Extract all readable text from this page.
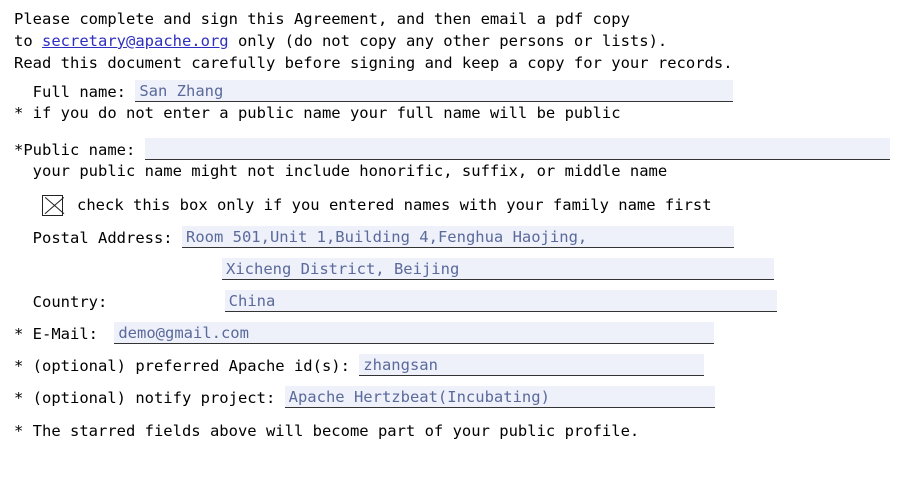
Please complete and sign this Agreement, and then email a pdf copy
to secretary@apache.org only (do not copy any other persons or lists).
Read this document carefully before signing and keep a copy for your records.
Full name: San Zhang
* if you do not enter a public name your full name will be public
*Public name:
your public name might not include honorific, suffix, or middle name
check this box only if you entered names with your family name first
Postal Address: Room 501,Unit 1,Building 4,Fenghua Haojing,
Xicheng District, Beijing
Country:	China
* E-Mail: demo@gmail.com
* (optional) preferred Apache id(s): zhangsan
* (optional) notify project: Apache Hertzbeat(Incubating)
* The starred fields above will become part of your public profile.
